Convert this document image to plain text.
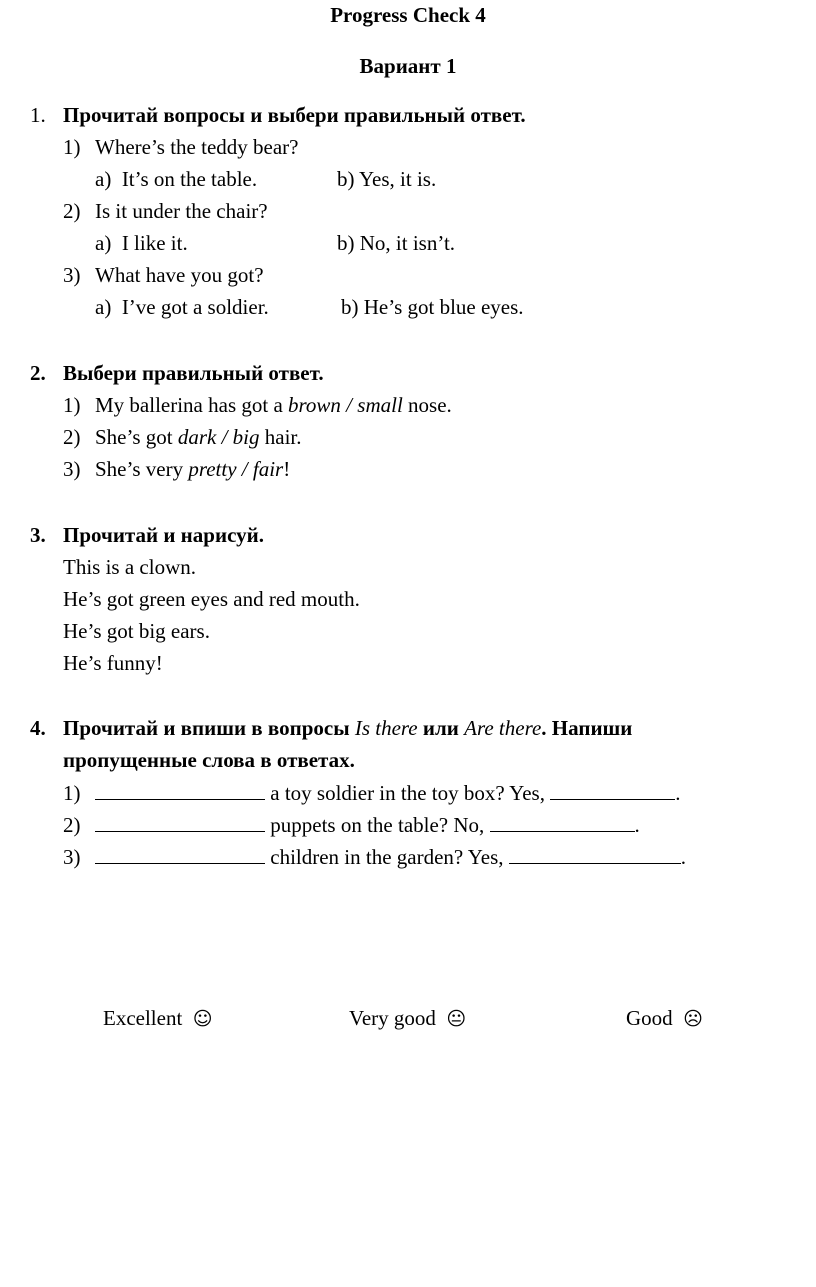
Progress Check 4
Вариант 1
1. Прочитай вопросы и выбери правильный ответ.
1) Where’s the teddy bear?
a)  It’s on the table.	b) Yes, it is.
2) Is it under the chair?
a)  I like it.	b) No, it isn’t.
3) What have you got?
a)  I’ve got a soldier.	b) He’s got blue eyes.
2. Выбери правильный ответ.
1) My ballerina has got a brown / small nose.
2) She’s got dark / big hair.
3) She’s very pretty / fair!
3. Прочитай и нарисуй.
This is a clown.
He’s got green eyes and red mouth.
He’s got big ears.
He’s funny!
4. Прочитай и впиши в вопросы Is there или Are there. Напиши
пропущенные слова в ответах.
1)	a toy soldier in the toy box? Yes,	.
2)	puppets on the table? No,	.
3)	children in the garden? Yes,	.
Excellent ☺	Very good 😐	Good ☹
